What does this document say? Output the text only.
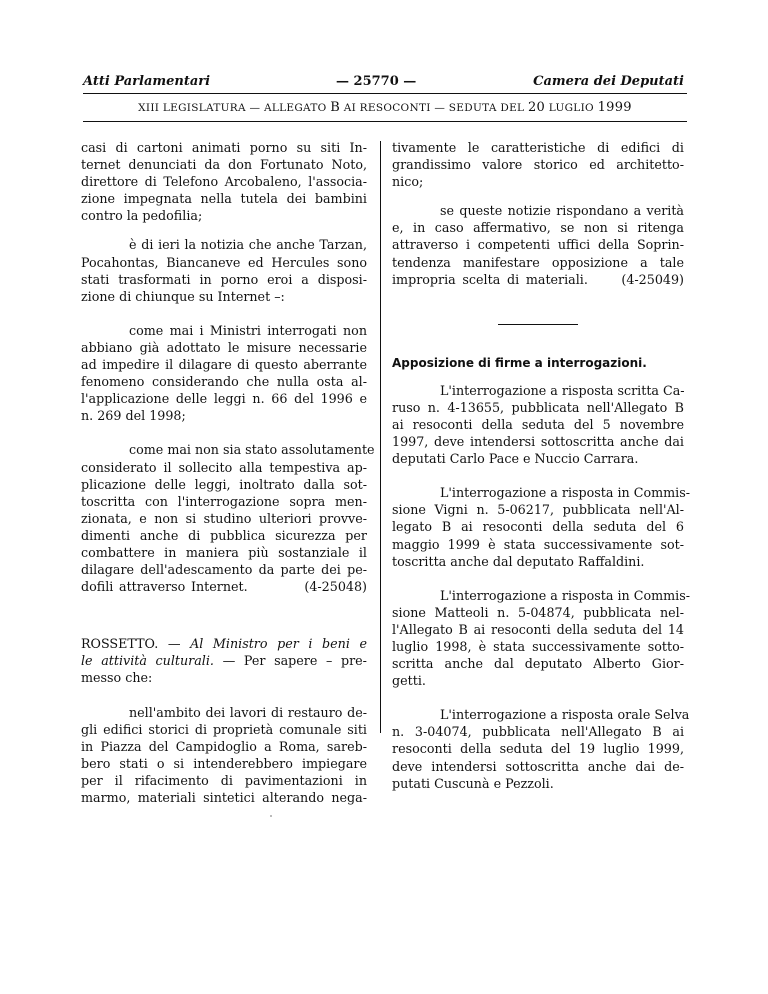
Atti Parlamentari	— 25770 —	Camera dei Deputati
XIII LEGISLATURA — ALLEGATO B AI RESOCONTI — SEDUTA DEL 20 LUGLIO 1999

casi di cartoni animati porno su siti In-
ternet denunciati da don Fortunato Noto,
direttore di Telefono Arcobaleno, l'associa-
zione impegnata nella tutela dei bambini
contro la pedofilia;

è di ieri la notizia che anche Tarzan,
Pocahontas, Biancaneve ed Hercules sono
stati trasformati in porno eroi a disposi-
zione di chiunque su Internet –:

come mai i Ministri interrogati non
abbiano già adottato le misure necessarie
ad impedire il dilagare di questo aberrante
fenomeno considerando che nulla osta al-
l'applicazione delle leggi n. 66 del 1996 e
n. 269 del 1998;

come mai non sia stato assolutamente
considerato il sollecito alla tempestiva ap-
plicazione delle leggi, inoltrato dalla sot-
toscritta con l'interrogazione sopra men-
zionata, e non si studino ulteriori provve-
dimenti anche di pubblica sicurezza per
combattere in maniera più sostanziale il
dilagare dell'adescamento da parte dei pe-
dofili attraverso Internet.          (4-25048)

ROSSETTO. — Al Ministro per i beni e
le attività culturali. — Per sapere – pre-
messo che:

nell'ambito dei lavori di restauro de-
gli edifici storici di proprietà comunale siti
in Piazza del Campidoglio a Roma, sareb-
bero stati o si intenderebbero impiegare
per il rifacimento di pavimentazioni in
marmo, materiali sintetici alterando nega-

tivamente le caratteristiche di edifici di
grandissimo valore storico ed architetto-
nico;

se queste notizie rispondano a verità
e, in caso affermativo, se non si ritenga
attraverso i competenti uffici della Soprin-
tendenza manifestare opposizione a tale
impropria scelta di materiali.     (4-25049)

Apposizione di firme a interrogazioni.

L'interrogazione a risposta scritta Ca-
ruso n. 4-13655, pubblicata nell'Allegato B
ai resoconti della seduta del 5 novembre
1997, deve intendersi sottoscritta anche dai
deputati Carlo Pace e Nuccio Carrara.

L'interrogazione a risposta in Commis-
sione Vigni n. 5-06217, pubblicata nell'Al-
legato B ai resoconti della seduta del 6
maggio 1999 è stata successivamente sot-
toscritta anche dal deputato Raffaldini.

L'interrogazione a risposta in Commis-
sione Matteoli n. 5-04874, pubblicata nel-
l'Allegato B ai resoconti della seduta del 14
luglio 1998, è stata successivamente sotto-
scritta anche dal deputato Alberto Gior-
getti.

L'interrogazione a risposta orale Selva
n. 3-04074, pubblicata nell'Allegato B ai
resoconti della seduta del 19 luglio 1999,
deve intendersi sottoscritta anche dai de-
putati Cuscunà e Pezzoli.
